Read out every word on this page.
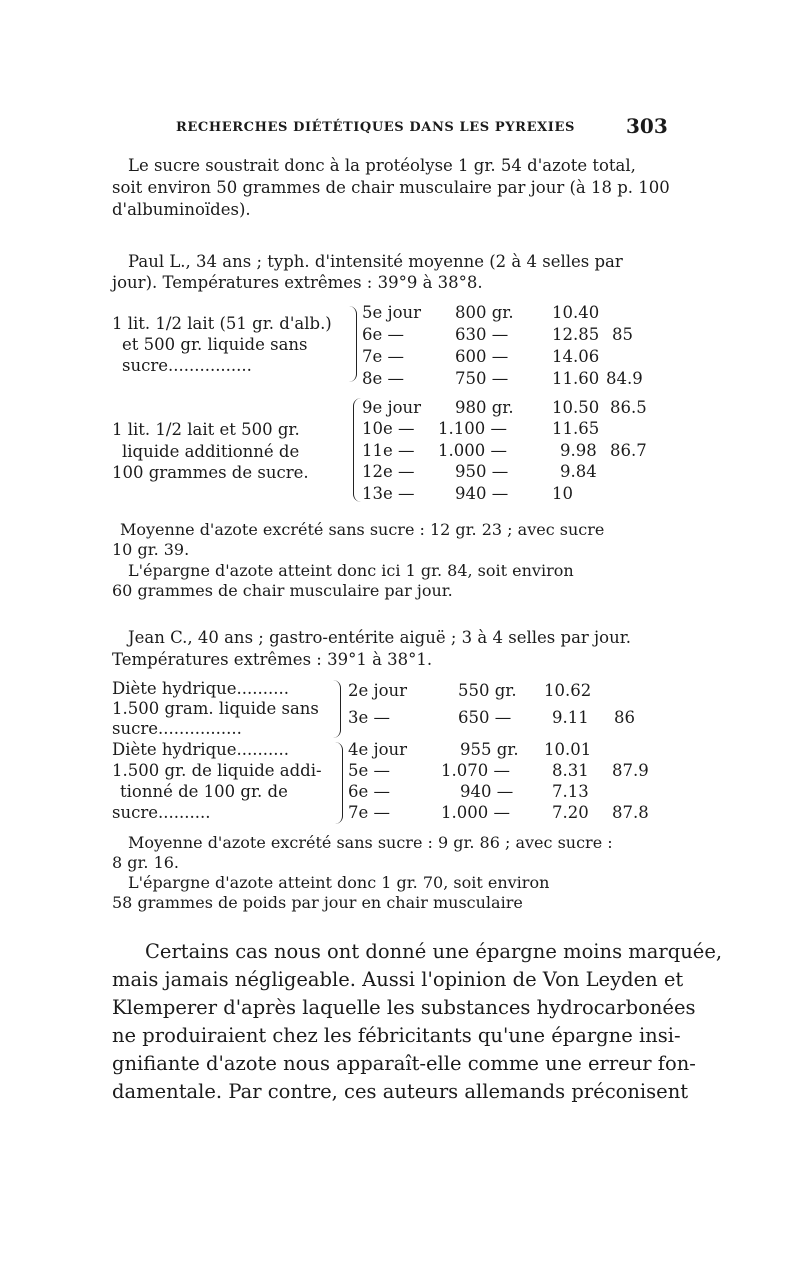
RECHERCHES DIÉTÉTIQUES DANS LES PYREXIES	303
Le sucre soustrait donc à la protéolyse 1 gr. 54 d'azote total,
soit environ 50 grammes de chair musculaire par jour (à 18 p. 100
d'albuminoïdes).
Paul L., 34 ans ; typh. d'intensité moyenne (2 à 4 selles par
jour). Températures extrêmes : 39°9 à 38°8.
1 lit. 1/2 lait (51 gr. d'alb.)
et 500 gr. liquide sans
sucre................
5e jour 800 gr. 10.40
6e —	630 —	12.85 85
7e —	600 —	14.06
8e —	750 —	11.60 84.9
1 lit. 1/2 lait et 500 gr.
liquide additionné de
100 grammes de sucre.
9e jour 980 gr. 10.50 86.5
10e — 1.100 —	11.65
11e — 1.000 —	9.98 86.7
12e — 950 —	9.84
13e — 940 —	10
Moyenne d'azote excrété sans sucre : 12 gr. 23 ; avec sucre
10 gr. 39.
L'épargne d'azote atteint donc ici 1 gr. 84, soit environ
60 grammes de chair musculaire par jour.
Jean C., 40 ans ; gastro-entérite aiguë ; 3 à 4 selles par jour.
Températures extrêmes : 39°1 à 38°1.
Diète hydrique..........
1.500 gram. liquide sans
sucre................
2e jour	550 gr. 10.62
3e —	650 — 9.11 86
Diète hydrique..........
1.500 gr. de liquide addi-
tionné de 100 gr. de
sucre..........
4e jour	955 gr. 10.01
5e —	1.070 —	8.31 87.9
6e —	940 — 7.13
7e —	1.000 —	7.20 87.8
Moyenne d'azote excrété sans sucre : 9 gr. 86 ; avec sucre :
8 gr. 16.
L'épargne d'azote atteint donc 1 gr. 70, soit environ
58 grammes de poids par jour en chair musculaire
Certains cas nous ont donné une épargne moins marquée,
mais jamais négligeable. Aussi l'opinion de Von Leyden et
Klemperer d'après laquelle les substances hydrocarbonées
ne produiraient chez les fébricitants qu'une épargne insi-
gnifiante d'azote nous apparaît-elle comme une erreur fon-
damentale. Par contre, ces auteurs allemands préconisent
